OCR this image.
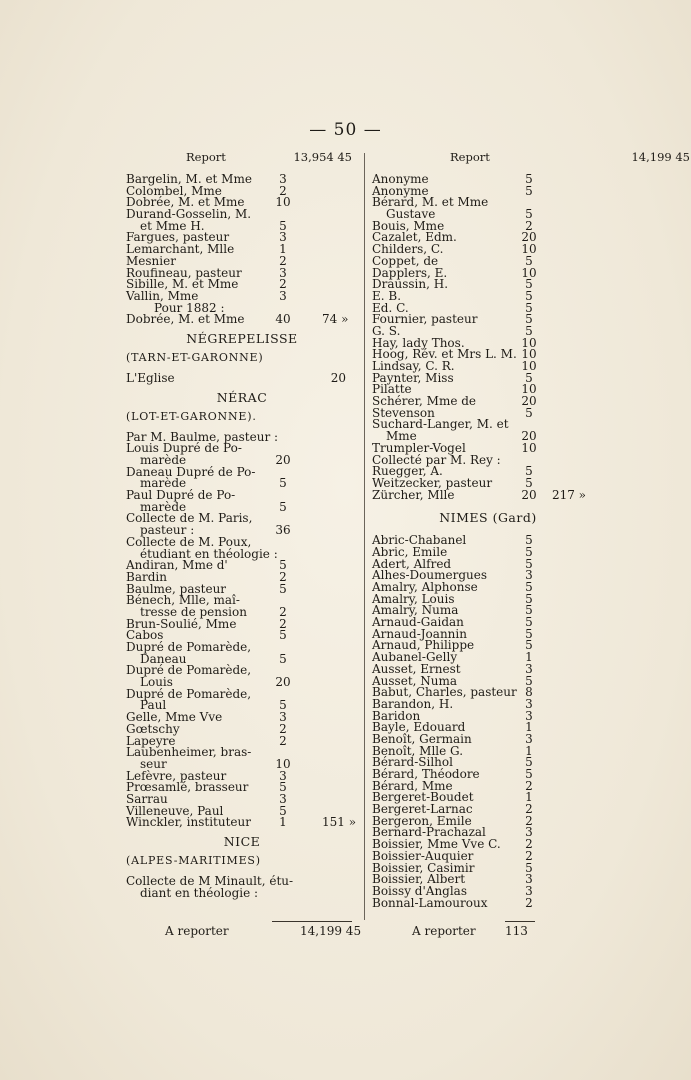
— 50 —
Report	13,954 45
Bargelin, M. et Mme	3
Colombel, Mme	2
Dobrée, M. et Mme	10
Durand-Gosselin, M.
et Mme H.	5
Fargues, pasteur	3
Lemarchant, Mlle	1
Mesnier	2
Roufineau, pasteur	3
Sibille, M. et Mme	2
Vallin, Mme	3
Pour 1882 :
Dobrée, M. et Mme	40	74 »
NÉGREPELISSE
(TARN-ET-GARONNE)
L'Eglise	20
NÉRAC
(LOT-ET-GARONNE).
Par M. Baulme, pasteur :
Louis Dupré de Po-
marède	20
Daneau Dupré de Po-
marède	5
Paul Dupré de Po-
marède	5
Collecte de M. Paris,
pasteur :	36
Collecte de M. Poux,
étudiant en théologie :
Andiran, Mme d'	5
Bardin	2
Baulme, pasteur	5
Bénech, Mlle, maî-
tresse de pension	2
Brun-Soulié, Mme	2
Cabos	5
Dupré de Pomarède,
Daneau	5
Dupré de Pomarède,
Louis	20
Dupré de Pomarède,
Paul	5
Gelle, Mme Vve	3
Gœtschy	2
Lapeyre	2
Laubenheimer, bras-
seur	10
Lefèvre, pasteur	3
Prœsamlé, brasseur	5
Sarrau	3
Villeneuve, Paul	5
Winckler, instituteur	1	151 »
NICE
(ALPES-MARITIMES)
Collecte de M Minault, étu-
diant en théologie :
Report	14,199 45
Anonyme	5
Anonyme	5
Bérard, M. et Mme
Gustave	5
Bouis, Mme	2
Cazalet, Edm.	20
Childers, C.	10
Coppet, de	5
Dapplers, E.	10
Draussin, H.	5
E. B.	5
Ed. C.	5
Fournier, pasteur	5
G. S.	5
Hay, lady Thos.	10
Hoog, Rév. et Mrs L. M. 10
Lindsay, C. R.	10
Paynter, Miss	5
Pilatte	10
Schérer, Mme de	20
Stevenson	5
Suchard-Langer, M. et
Mme	20
Trumpler-Vogel	10
Collecté par M. Rey :
Ruegger, A.	5
Weitzecker, pasteur	5
Zürcher, Mlle	20	217 »
NIMES (Gard)
Abric-Chabanel	5
Abric, Emile	5
Adert, Alfred	5
Alhes-Doumergues	3
Amalry, Alphonse	5
Amalry, Louis	5
Amalry, Numa	5
Arnaud-Gaidan	5
Arnaud-Joannin	5
Arnaud, Philippe	5
Aubanel-Gelly	1
Ausset, Ernest	3
Ausset, Numa	5
Babut, Charles, pasteur 8
Barandon, H.	3
Baridon	3
Bayle, Edouard	1
Benoît, Germain	3
Benoît, Mlle G.	1
Bérard-Silhol	5
Bérard, Théodore	5
Bérard, Mme	2
Bergeret-Boudet	1
Bergeret-Larnac	2
Bergeron, Emile	2
Bernard-Prachazal	3
Boissier, Mme Vve C.	2
Boissier-Auquier	2
Boissier, Casimir	5
Boissier, Albert	3
Boissy d'Anglas	3
Bonnal-Lamouroux	2
A reporter	14,199 45	A reporter 113
